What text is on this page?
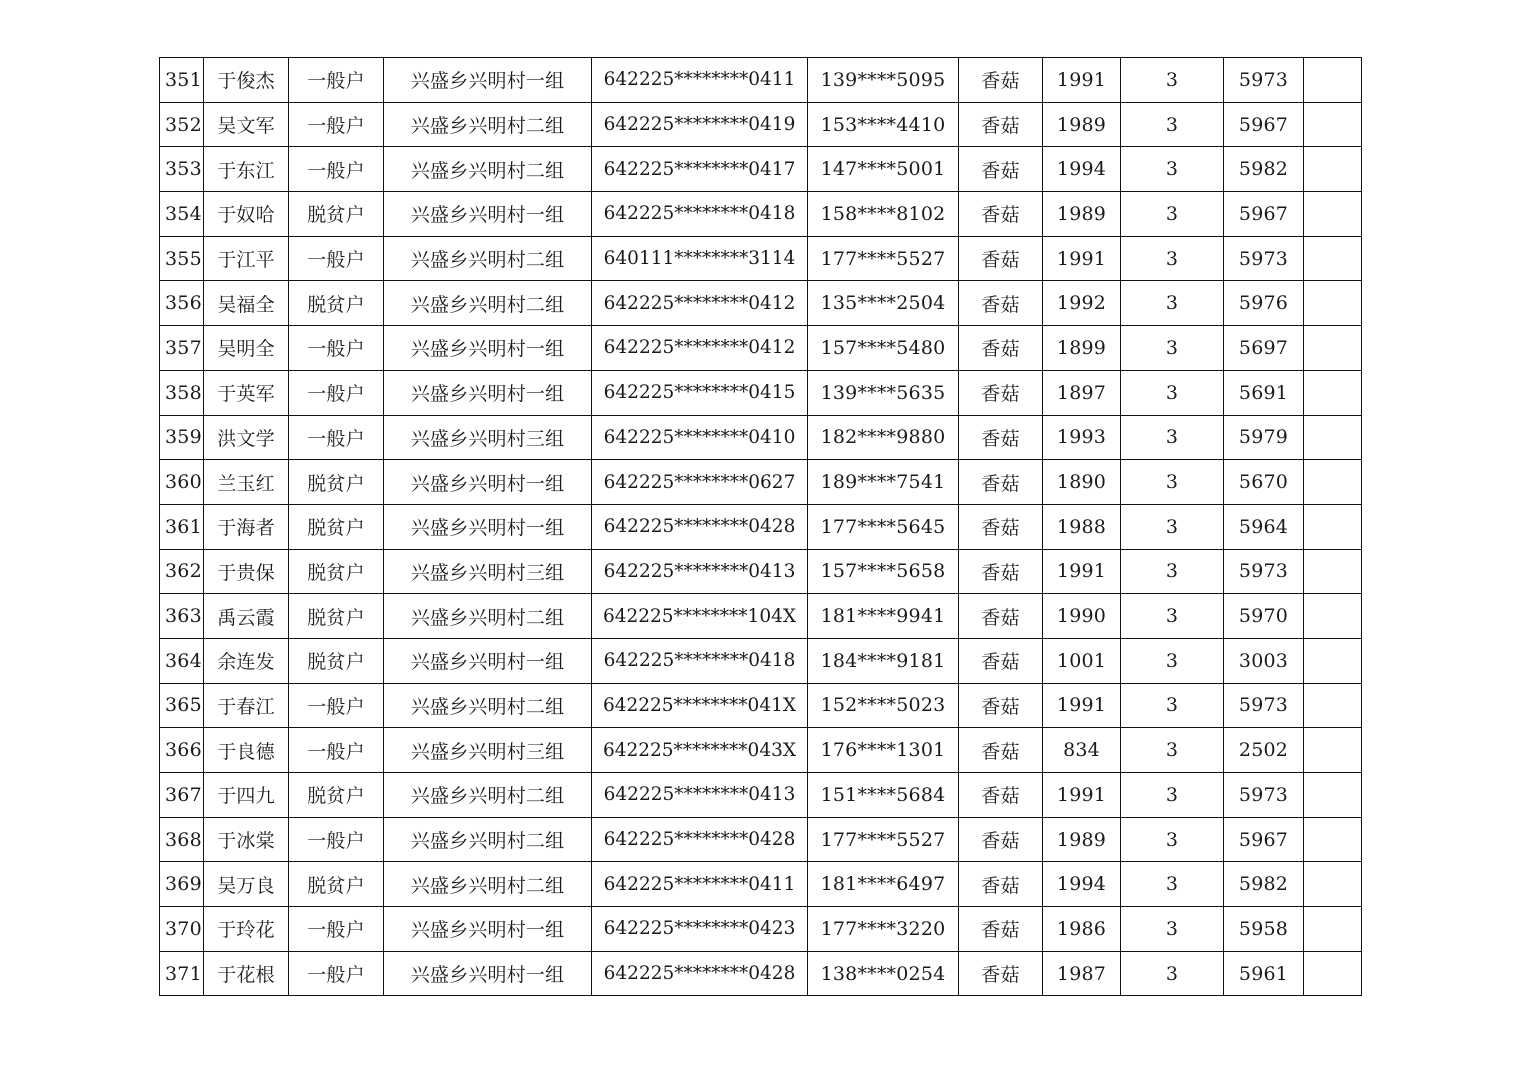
351	于俊杰	一般户	兴盛乡兴明村一组	642225********0411	139****5095	香菇	1991	3	5973	
352	吴文军	一般户	兴盛乡兴明村二组	642225********0419	153****4410	香菇	1989	3	5967	
353	于东江	一般户	兴盛乡兴明村二组	642225********0417	147****5001	香菇	1994	3	5982	
354	于奴哈	脱贫户	兴盛乡兴明村一组	642225********0418	158****8102	香菇	1989	3	5967	
355	于江平	一般户	兴盛乡兴明村二组	640111********3114	177****5527	香菇	1991	3	5973	
356	吴福全	脱贫户	兴盛乡兴明村二组	642225********0412	135****2504	香菇	1992	3	5976	
357	吴明全	一般户	兴盛乡兴明村一组	642225********0412	157****5480	香菇	1899	3	5697	
358	于英军	一般户	兴盛乡兴明村一组	642225********0415	139****5635	香菇	1897	3	5691	
359	洪文学	一般户	兴盛乡兴明村三组	642225********0410	182****9880	香菇	1993	3	5979	
360	兰玉红	脱贫户	兴盛乡兴明村一组	642225********0627	189****7541	香菇	1890	3	5670	
361	于海者	脱贫户	兴盛乡兴明村一组	642225********0428	177****5645	香菇	1988	3	5964	
362	于贵保	脱贫户	兴盛乡兴明村三组	642225********0413	157****5658	香菇	1991	3	5973	
363	禹云霞	脱贫户	兴盛乡兴明村二组	642225********104X	181****9941	香菇	1990	3	5970	
364	余连发	脱贫户	兴盛乡兴明村一组	642225********0418	184****9181	香菇	1001	3	3003	
365	于春江	一般户	兴盛乡兴明村二组	642225********041X	152****5023	香菇	1991	3	5973	
366	于良德	一般户	兴盛乡兴明村三组	642225********043X	176****1301	香菇	834	3	2502	
367	于四九	脱贫户	兴盛乡兴明村二组	642225********0413	151****5684	香菇	1991	3	5973	
368	于冰棠	一般户	兴盛乡兴明村二组	642225********0428	177****5527	香菇	1989	3	5967	
369	吴万良	脱贫户	兴盛乡兴明村二组	642225********0411	181****6497	香菇	1994	3	5982	
370	于玲花	一般户	兴盛乡兴明村一组	642225********0423	177****3220	香菇	1986	3	5958	
371	于花根	一般户	兴盛乡兴明村一组	642225********0428	138****0254	香菇	1987	3	5961	
